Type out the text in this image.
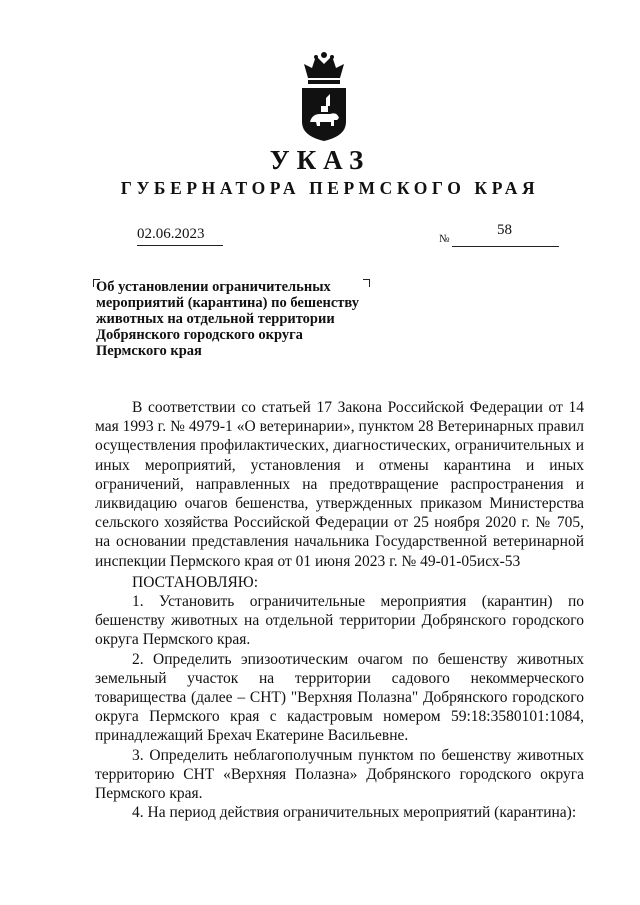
УКАЗ
ГУБЕРНАТОРА ПЕРМСКОГО КРАЯ
02.06.2023	№
58
Об установлении ограничительных
мероприятий (карантина) по бешенству
животных на отдельной территории
Добрянского городского округа
Пермского края
В соответствии со статьей 17 Закона Российской Федерации от 14 мая 1993 г. № 4979-1 «О ветеринарии», пунктом 28 Ветеринарных правил осуществления профилактических, диагностических, ограничительных и иных мероприятий, установления и отмены карантина и иных ограничений, направленных на предотвращение распространения и ликвидацию очагов бешенства, утвержденных приказом Министерства сельского хозяйства Российской Федерации от 25 ноября 2020 г. № 705, на основании представления начальника Государственной ветеринарной инспекции Пермского края от 01 июня 2023 г. № 49-01-05исх-53
ПОСТАНОВЛЯЮ:
1. Установить ограничительные мероприятия (карантин) по бешенству животных на отдельной территории Добрянского городского округа Пермского края.
2. Определить эпизоотическим очагом по бешенству животных земельный участок на территории садового некоммерческого товарищества (далее – СНТ) "Верхняя Полазна" Добрянского городского округа Пермского края с кадастровым номером 59:18:3580101:1084, принадлежащий Брехач Екатерине Васильевне.
3. Определить неблагополучным пунктом по бешенству животных территорию СНТ «Верхняя Полазна» Добрянского городского округа Пермского края.
4. На период действия ограничительных мероприятий (карантина):
